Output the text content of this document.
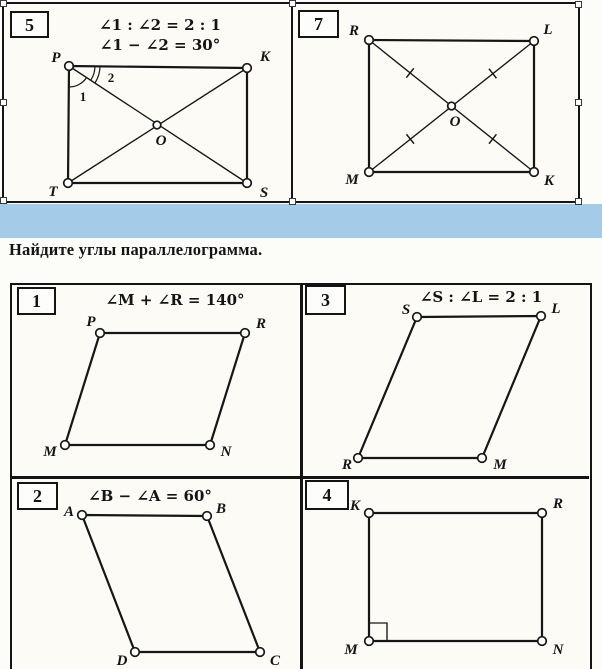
∠1 : ∠2 = 2 : 1
∠1 − ∠2 = 30°
P	K
T	S
O
2
1
5	R	L
M	K
O
7
Найдите углы параллелограмма.
∠M + ∠R = 140°
P	R
M	N
1	∠S : ∠L = 2 : 1
S	L
R	M
3
∠B − ∠A = 60°
A	B
D	C
2	K	R
M	N
4
